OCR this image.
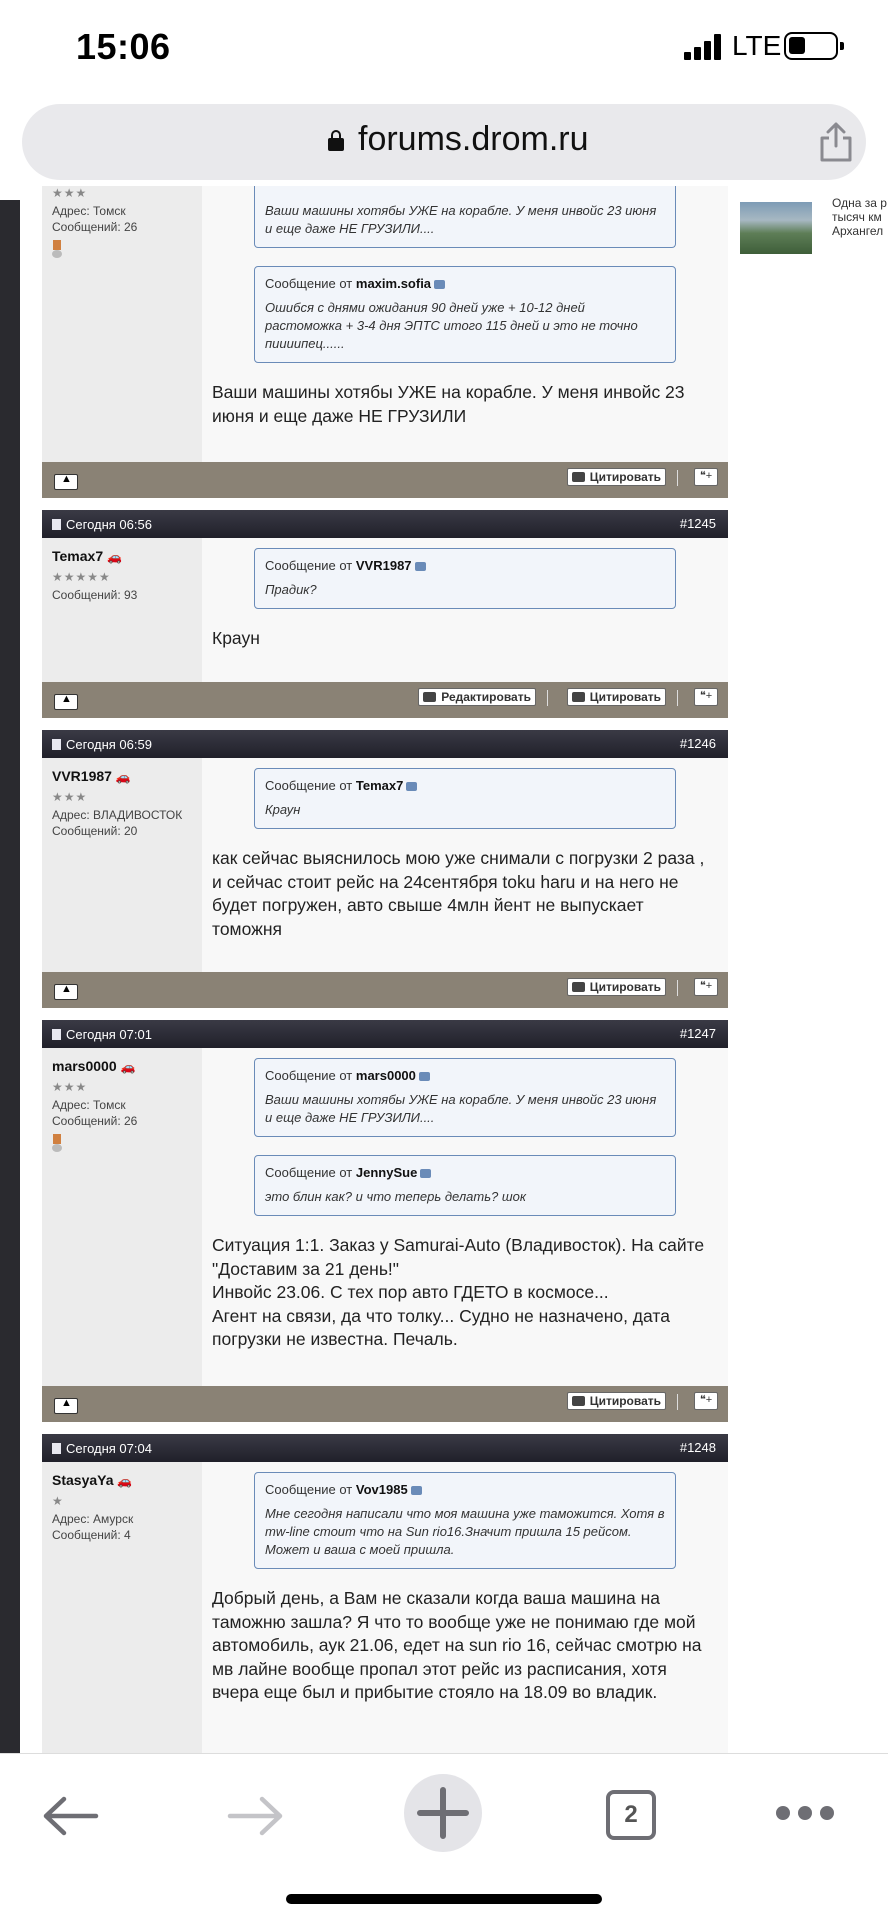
15:06	LTE
forums.drom.ru
Одна за р
тысяч км
Архангел
★★★
Адрес: Томск
Сообщений: 26
Ваши машины хотябы УЖЕ на корабле. У меня инвойс 23 июня и еще даже НЕ ГРУЗИЛИ....
Сообщение от maxim.sofia
Ошибся с днями ожидания 90 дней уже + 10-12 дней растоможка + 3-4 дня ЭПТС итого 115 дней и это не точно пиииипец......
Ваши машины хотябы УЖЕ на корабле. У меня инвойс 23 июня и еще даже НЕ ГРУЗИЛИ
▲
Цитировать	❝+
Сегодня 06:56	#1245
Temax7 🚗
★★★★★
Сообщений: 93
Сообщение от VVR1987
Прадик?
Краун
▲
Редактировать	Цитировать	❝+
Сегодня 06:59	#1246
VVR1987 🚗
★★★
Адрес: ВЛАДИВОСТОК
Сообщений: 20
Сообщение от Temax7
Краун
как сейчас выяснилось мою уже снимали с погрузки 2 раза , и сейчас стоит рейс на 24сентября toku haru и на него не будет погружен, авто свыше 4млн йент не выпускает томожня
▲
Цитировать	❝+
Сегодня 07:01	#1247
mars0000 🚗
★★★
Адрес: Томск
Сообщений: 26
Сообщение от mars0000
Ваши машины хотябы УЖЕ на корабле. У меня инвойс 23 июня и еще даже НЕ ГРУЗИЛИ....
Сообщение от JennySue
это блин как? и что теперь делать? шок
Ситуация 1:1. Заказ у Samurai-Auto (Владивосток). На сайте "Доставим за 21 день!"
Инвойс 23.06. С тех пор авто ГДЕТО в космосе...
Агент на связи, да что толку... Судно не назначено, дата погрузки не известна. Печаль.
▲
Цитировать	❝+
Сегодня 07:04	#1248
StasyaYa 🚗
★
Адрес: Амурск
Сообщений: 4
Сообщение от Vov1985
Мне сегодня написали что моя машина уже таможится. Хотя в mw-line стоит что на Sun rio16.Значит пришла 15 рейсом. Может и ваша с моей пришла.
Добрый день, а Вам не сказали когда ваша машина на таможню зашла? Я что то вообще уже не понимаю где мой автомобиль, аук 21.06, едет на sun rio 16, сейчас смотрю на мв лайне вообще пропал этот рейс из расписания, хотя вчера еще был и прибытие стояло на 18.09 во владик.
2
